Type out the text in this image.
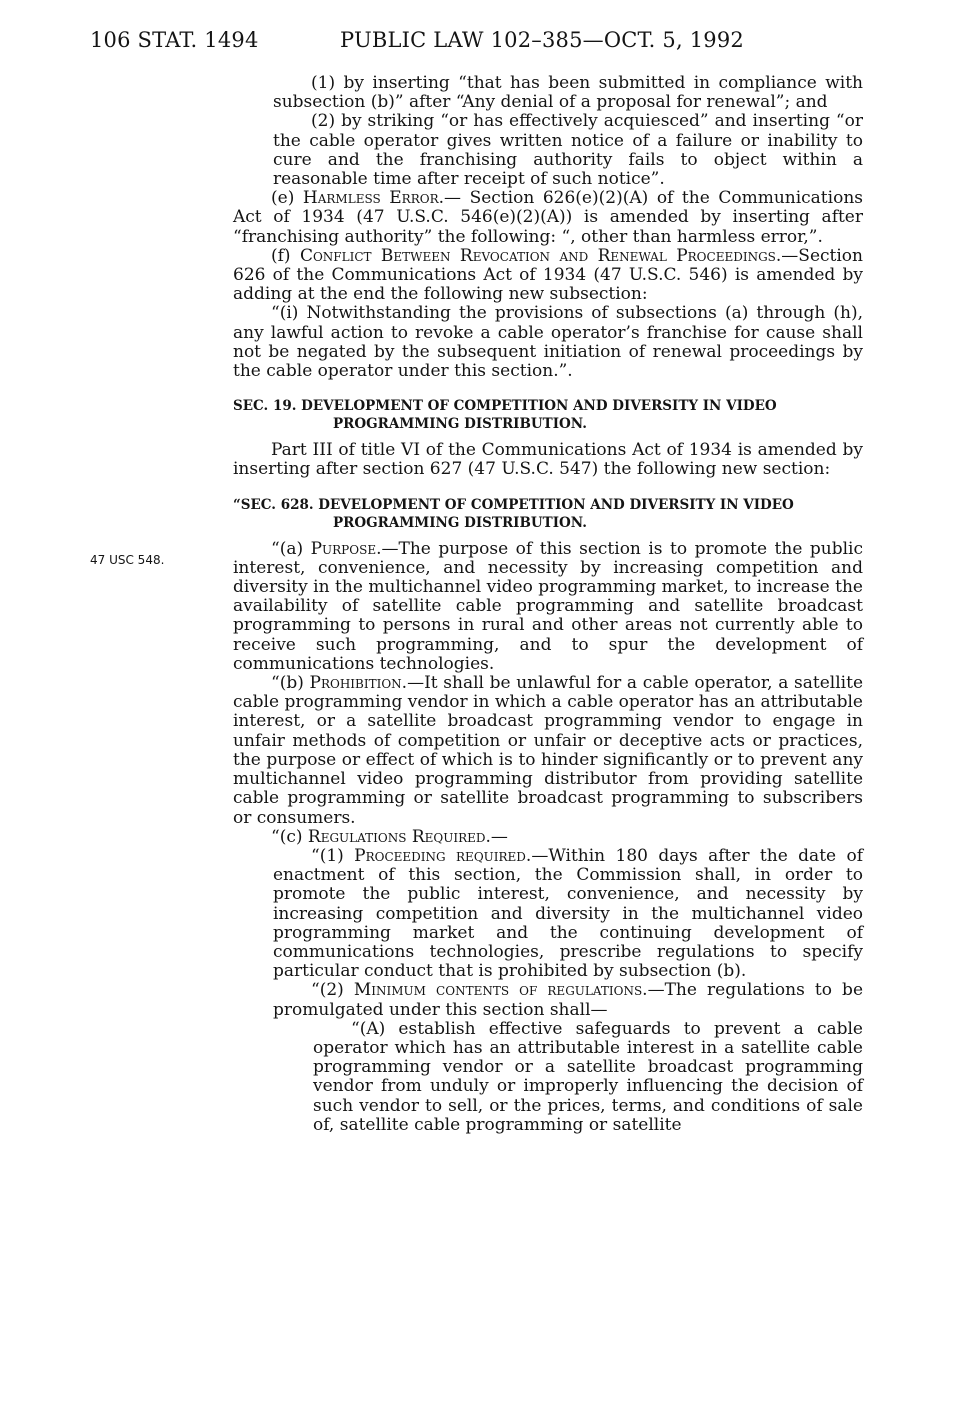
106 STAT. 1494	PUBLIC LAW 102–385—OCT. 5, 1992
47 USC 548.

(1) by inserting “that has been submitted in compliance with subsection (b)” after “Any denial of a proposal for renewal”; and

(2) by striking “or has effectively acquiesced” and inserting “or the cable operator gives written notice of a failure or inability to cure and the franchising authority fails to object within a reasonable time after receipt of such notice”.

(e) Harmless Error.— Section 626(e)(2)(A) of the Communications Act of 1934 (47 U.S.C. 546(e)(2)(A)) is amended by inserting after “franchising authority” the following: “, other than harmless error,”.

(f) Conflict Between Revocation and Renewal Proceedings.—Section 626 of the Communications Act of 1934 (47 U.S.C. 546) is amended by adding at the end the following new subsection:

“(i) Notwithstanding the provisions of subsections (a) through (h), any lawful action to revoke a cable operator’s franchise for cause shall not be negated by the subsequent initiation of renewal proceedings by the cable operator under this section.”.

SEC. 19. DEVELOPMENT OF COMPETITION AND DIVERSITY IN VIDEO
PROGRAMMING DISTRIBUTION.

Part III of title VI of the Communications Act of 1934 is amended by inserting after section 627 (47 U.S.C. 547) the following new section:

“SEC. 628. DEVELOPMENT OF COMPETITION AND DIVERSITY IN VIDEO
PROGRAMMING DISTRIBUTION.

“(a) Purpose.—The purpose of this section is to promote the public interest, convenience, and necessity by increasing competition and diversity in the multichannel video programming market, to increase the availability of satellite cable programming and satellite broadcast programming to persons in rural and other areas not currently able to receive such programming, and to spur the development of communications technologies.

“(b) Prohibition.—It shall be unlawful for a cable operator, a satellite cable programming vendor in which a cable operator has an attributable interest, or a satellite broadcast programming vendor to engage in unfair methods of competition or unfair or deceptive acts or practices, the purpose or effect of which is to hinder significantly or to prevent any multichannel video programming distributor from providing satellite cable programming or satellite broadcast programming to subscribers or consumers.

“(c) Regulations Required.—

“(1) Proceeding required.—Within 180 days after the date of enactment of this section, the Commission shall, in order to promote the public interest, convenience, and necessity by increasing competition and diversity in the multichannel video programming market and the continuing development of communications technologies, prescribe regulations to specify particular conduct that is prohibited by subsection (b).

“(2) Minimum contents of regulations.—The regulations to be promulgated under this section shall—

“(A) establish effective safeguards to prevent a cable operator which has an attributable interest in a satellite cable programming vendor or a satellite broadcast programming vendor from unduly or improperly influencing the decision of such vendor to sell, or the prices, terms, and conditions of sale of, satellite cable programming or satellite
